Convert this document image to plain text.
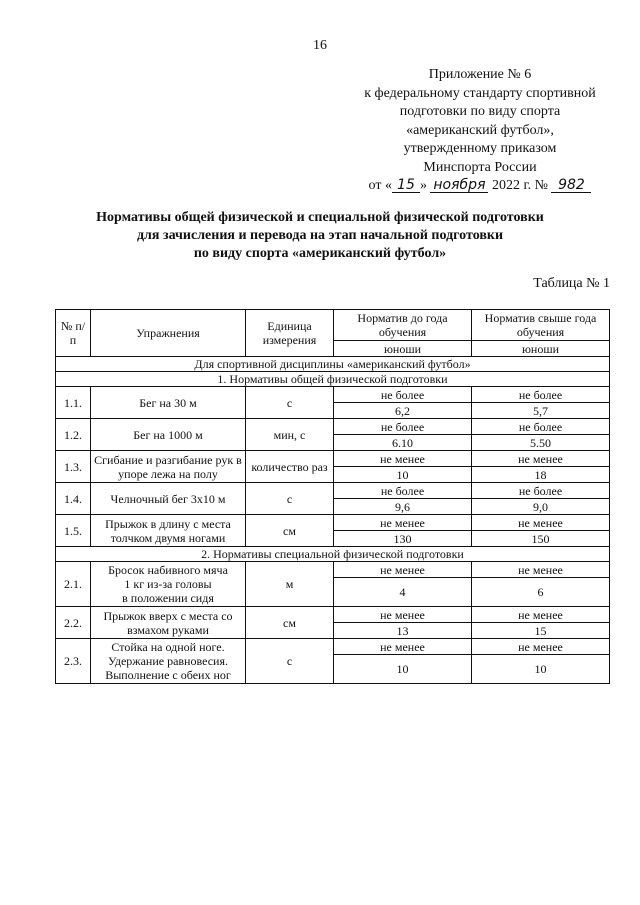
16
Приложение № 6
к федеральному стандарту спортивной
подготовки по виду спорта
«американский футбол»,
утвержденному приказом
Минспорта России
от « 15 » ноября 2022 г. № 982
Нормативы общей физической и специальной физической подготовки
для зачисления и перевода на этап начальной подготовки
по виду спорта «американский футбол»
Таблица № 1
№ п/п	Упражнения	Единица измерения	Норматив до года обучения	Норматив свыше года обучения
			юноши	юноши
Для спортивной дисциплины «американский футбол»				
1. Нормативы общей физической подготовки				
1.1.	Бег на 30 м	с	не более	не более
			6,2	5,7
1.2.	Бег на 1000 м	мин, с	не более	не более
			6.10	5.50
1.3.	Сгибание и разгибание рук в упоре лежа на полу	количество раз	не менее	не менее
			10	18
1.4.	Челночный бег 3x10 м	с	не более	не более
			9,6	9,0
1.5.	Прыжок в длину с места толчком двумя ногами	см	не менее	не менее
			130	150
2. Нормативы специальной физической подготовки				
2.1.	Бросок набивного мяча
1 кг из-за головы
в положении сидя	м	не менее	не менее
			4	6
2.2.	Прыжок вверх с места со взмахом руками	см	не менее	не менее
			13	15
2.3.	Стойка на одной ноге.
Удержание равновесия.
Выполнение с обеих ног	с	не менее	не менее
			10	10
